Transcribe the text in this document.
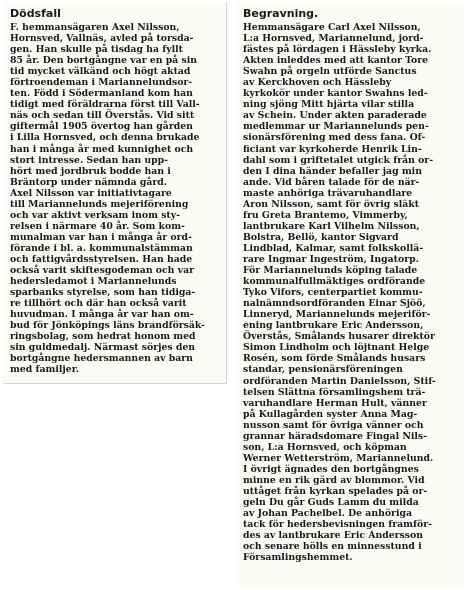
Dödsfall
F. hemmansägaren Axel Nilsson,
Hornsved, Vallnäs, avled på torsda-
gen. Han skulle på tisdag ha fyllt
85 år. Den bortgångne var en på sin
tid mycket välkänd och högt aktad
förtroendeman i Mariannelundsor-
ten. Född i Södermanland kom han
tidigt med föräldrarna först till Vall-
näs och sedan till Överstås. Vid sitt
giftermål 1905 övertog han gården
i Lilla Hornsved, och denna brukade
han i många år med kunnighet och
stort intresse. Sedan han upp-
hört med jordbruk bodde han i
Bräntorp under nämnda gård.
Axel Nilsson var initiativtagare
till Mariannelunds mejeriförening
och var aktivt verksam inom sty-
relsen i närmare 40 år. Som kom-
munalman var han i många år ord-
förande i bl. a. kommunalstämman
och fattigvårdsstyrelsen. Han hade
också varit skiftesgodeman och var
hedersledamot i Mariannelunds
sparbanks styrelse, som han tidiga-
re tillhört och där han också varit
huvudman. I många år var han om-
bud för Jönköpings läns brandförsäk-
ringsbolag, som hedrat honom med
sin guldmedalj. Närmast sörjes den
bortgångne hedersmannen av barn
med familjer.
Begravning.
Hemmansägare Carl Axel Nilsson,
L:a Hornsved, Mariannelund, jord-
fästes på lördagen i Hässleby kyrka.
Akten inleddes med att kantor Tore
Swahn på orgeln utförde Sanctus
av Kerckhoven och Hässleby
kyrkokör under kantor Swahns led-
ning sjöng Mitt hjärta vilar stilla
av Schein. Under akten paraderade
medlemmar ur Mariannelunds pen-
sionärsförening med dess fana. Of-
ficiant var kyrkoherde Henrik Lin-
dahl som i griftetalet utgick från or-
den I dina händer befaller jag min
ande. Vid båren talade för de när-
maste anhöriga trävaruhandlare
Aron Nilsson, samt för övrig släkt
fru Greta Brantemo, Vimmerby,
lantbrukare Karl Vilhelm Nilsson,
Bolstra, Bellö, kantor Sigvard
Lindblad, Kalmar, samt folkskollä-
rare Ingmar Ingeström, Ingatorp.
För Mariannelunds köping talade
kommunalfullmäktiges ordförande
Tyko Vifors, centerpartiet kommu-
nalnämndsordföranden Einar Sjöö,
Linneryd, Mariannelunds mejeriför-
ening lantbrukare Eric Andersson,
Överstås, Smålands husarer direktör
Simon Lindholm och löjtnant Helge
Rosén, som förde Smålands husars
standar, pensionärsföreningen
ordföranden Martin Danielsson, Stif-
telsen Slättna församlingshem trä-
varuhandlare Herman Hult, vänner
på Kullagården syster Anna Mag-
nusson samt för övriga vänner och
grannar häradsdomare Fingal Nils-
son, L:a Hornsved, och köpman
Werner Wetterström, Mariannelund.
I övrigt ägnades den bortgångnes
minne en rik gärd av blommor. Vid
uttåget från kyrkan spelades på or-
geln Du går Guds Lamm du milda
av Johan Pachelbel. De anhöriga
tack för hedersbevisningen framför-
des av lantbrukare Eric Andersson
och senare hölls en minnesstund i
Församlingshemmet.
